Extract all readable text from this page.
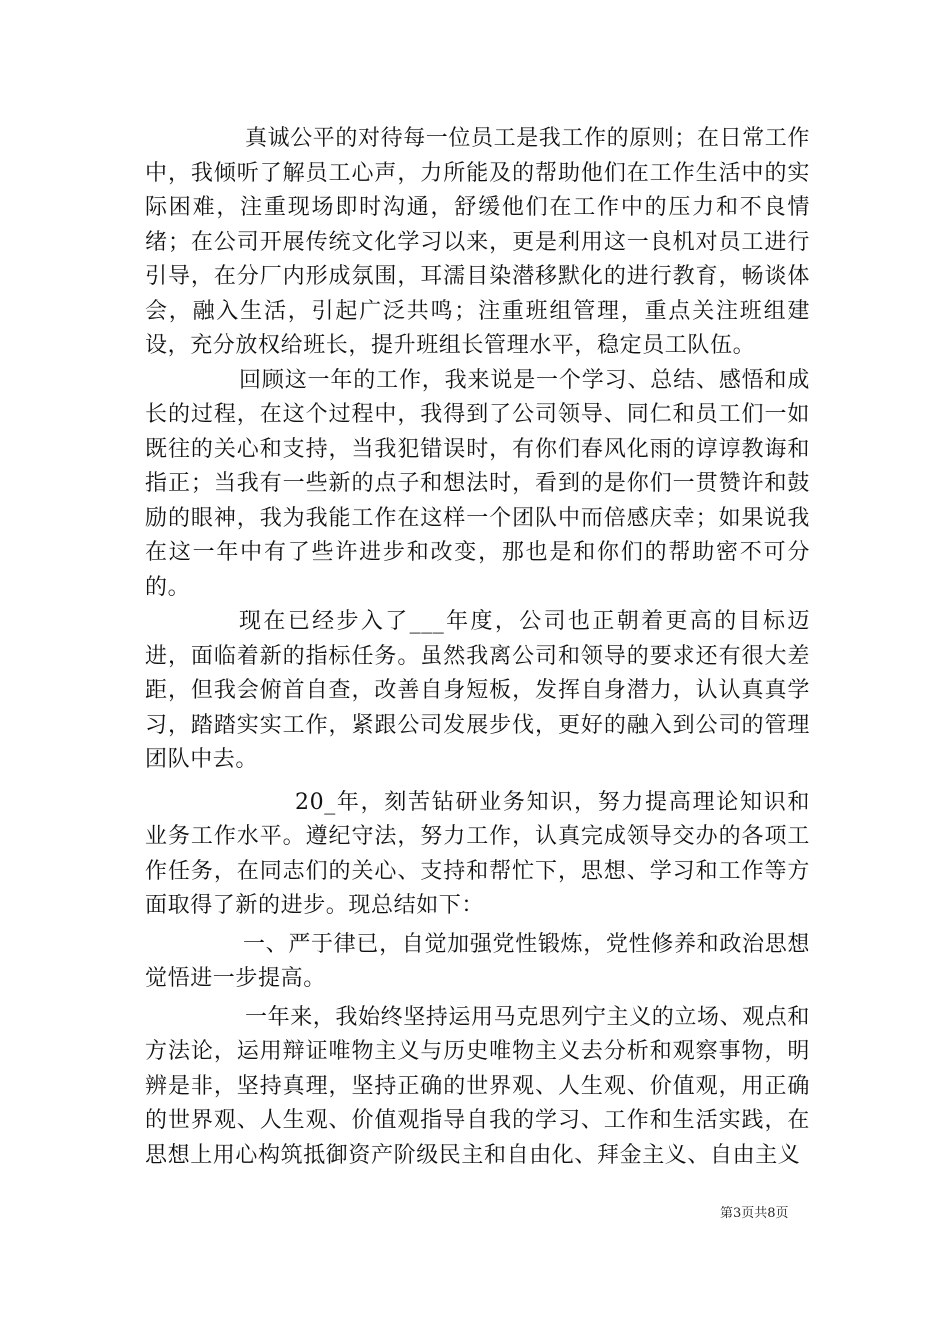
真诚公平的对待每一位员工是我工作的原则；在日常工作中，我倾听了解员工心声，力所能及的帮助他们在工作生活中的实际困难，注重现场即时沟通，舒缓他们在工作中的压力和不良情绪；在公司开展传统文化学习以来，更是利用这一良机对员工进行引导，在分厂内形成氛围，耳濡目染潜移默化的进行教育，畅谈体会，融入生活，引起广泛共鸣；注重班组管理，重点关注班组建设，充分放权给班长，提升班组长管理水平，稳定员工队伍。

回顾这一年的工作，我来说是一个学习、总结、感悟和成长的过程，在这个过程中，我得到了公司领导、同仁和员工们一如既往的关心和支持，当我犯错误时，有你们春风化雨的谆谆教诲和指正；当我有一些新的点子和想法时，看到的是你们一贯赞许和鼓励的眼神，我为我能工作在这样一个团队中而倍感庆幸；如果说我在这一年中有了些许进步和改变，那也是和你们的帮助密不可分的。

现在已经步入了___年度，公司也正朝着更高的目标迈进，面临着新的指标任务。虽然我离公司和领导的要求还有很大差距，但我会俯首自查，改善自身短板，发挥自身潜力，认认真真学习，踏踏实实工作，紧跟公司发展步伐，更好的融入到公司的管理团队中去。

20_年，刻苦钻研业务知识，努力提高理论知识和业务工作水平。遵纪守法，努力工作，认真完成领导交办的各项工作任务，在同志们的关心、支持和帮忙下，思想、学习和工作等方面取得了新的进步。现总结如下：

一、严于律已，自觉加强党性锻炼，党性修养和政治思想觉悟进一步提高。

一年来，我始终坚持运用马克思列宁主义的立场、观点和方法论，运用辩证唯物主义与历史唯物主义去分析和观察事物，明辨是非，坚持真理，坚持正确的世界观、人生观、价值观，用正确的世界观、人生观、价值观指导自我的学习、工作和生活实践，在思想上用心构筑抵御资产阶级民主和自由化、拜金主义、自由主义

第3页共8页
